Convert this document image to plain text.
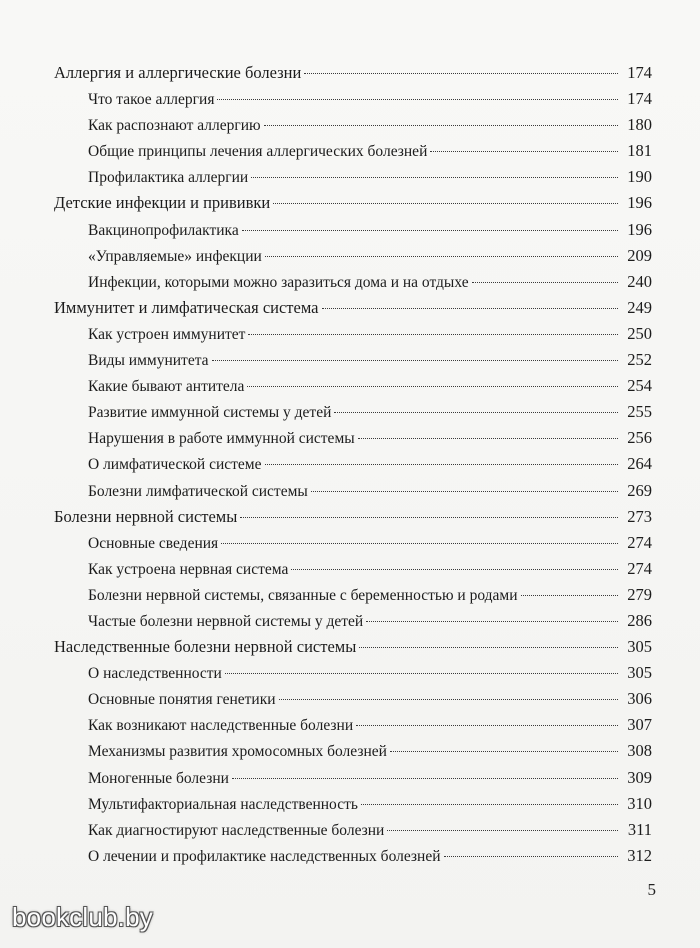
Аллергия и аллергические болезни	174
Что такое аллергия	174
Как распознают аллергию	180
Общие принципы лечения аллергических болезней	181
Профилактика аллергии	190
Детские инфекции и прививки	196
Вакцинопрофилактика	196
«Управляемые» инфекции	209
Инфекции, которыми можно заразиться дома и на отдыхе	240
Иммунитет и лимфатическая система	249
Как устроен иммунитет	250
Виды иммунитета	252
Какие бывают антитела	254
Развитие иммунной системы у детей	255
Нарушения в работе иммунной системы	256
О лимфатической системе	264
Болезни лимфатической системы	269
Болезни нервной системы	273
Основные сведения	274
Как устроена нервная система	274
Болезни нервной системы, связанные с беременностью и родами	279
Частые болезни нервной системы у детей	286
Наследственные болезни нервной системы	305
О наследственности	305
Основные понятия генетики	306
Как возникают наследственные болезни	307
Механизмы развития хромосомных болезней	308
Моногенные болезни	309
Мультифакториальная наследственность	310
Как диагностируют наследственные болезни	311
О лечении и профилактике наследственных болезней	312
5
bookclub.by
